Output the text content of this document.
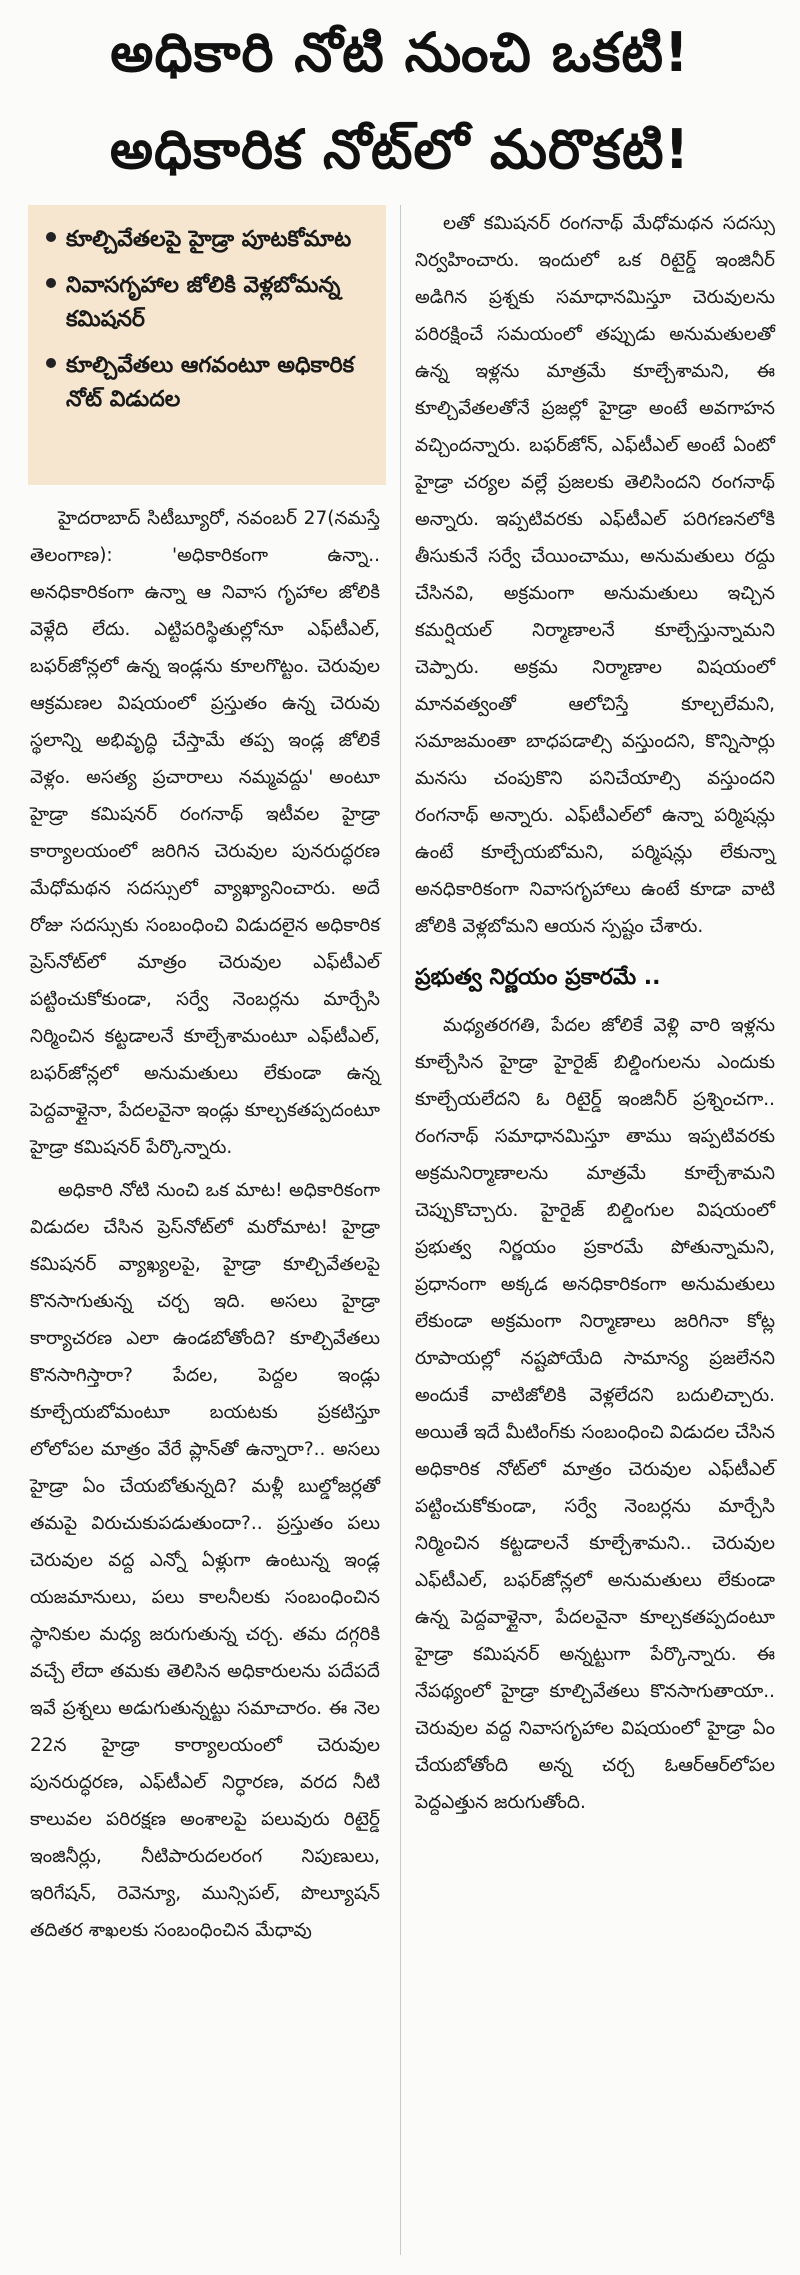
అధికారి నోటి నుంచి ఒకటి!
అధికారిక నోట్‌లో మరొకటి!
కూల్చివేతలపై హైడ్రా పూటకోమాట
నివాసగృహాల జోలికి వెళ్లబోమన్న కమిషనర్
కూల్చివేతలు ఆగవంటూ అధికారిక నోట్ విడుదల

హైదరాబాద్ సిటీబ్యూరో, నవంబర్ 27(నమస్తే తెలంగాణ): 'అధికారికంగా ఉన్నా.. అనధికారికంగా ఉన్నా ఆ నివాస గృహాల జోలికి వెళ్లేది లేదు. ఎట్టిపరిస్థితుల్లోనూ ఎఫ్‌టీఎల్, బఫర్‌జోన్లలో ఉన్న ఇండ్లను కూలగొట్టం. చెరువుల ఆక్రమణల విషయంలో ప్రస్తుతం ఉన్న చెరువు స్థలాన్ని అభివృద్ధి చేస్తామే తప్ప ఇండ్ల జోలికే వెళ్లం. అసత్య ప్రచారాలు నమ్మవద్దు' అంటూ హైడ్రా కమిషనర్ రంగనాథ్ ఇటీవల హైడ్రా కార్యాలయంలో జరిగిన చెరువుల పునరుద్ధరణ మేధోమథన సదస్సులో వ్యాఖ్యానించారు. అదే రోజు సదస్సుకు సంబంధించి విడుదలైన అధికారిక ప్రెస్‌నోట్‌లో మాత్రం చెరువుల ఎఫ్‌టీఎల్ పట్టించుకోకుండా, సర్వే నెంబర్లను మార్చేసి నిర్మించిన కట్టడాలనే కూల్చేశామంటూ ఎఫ్‌టీఎల్, బఫర్‌జోన్లలో అనుమతులు లేకుండా ఉన్న పెద్దవాళ్లైనా, పేదలవైనా ఇండ్లు కూల్చకతప్పదంటూ హైడ్రా కమిషనర్ పేర్కొన్నారు.

అధికారి నోటి నుంచి ఒక మాట! అధికారికంగా విడుదల చేసిన ప్రెస్‌నోట్‌లో మరోమాట! హైడ్రా కమిషనర్ వ్యాఖ్యలపై, హైడ్రా కూల్చివేతలపై కొనసాగుతున్న చర్చ ఇది. అసలు హైడ్రా కార్యాచరణ ఎలా ఉండబోతోంది? కూల్చివేతలు కొనసాగిస్తారా? పేదల, పెద్దల ఇండ్లు కూల్చేయబోమంటూ బయటకు ప్రకటిస్తూ లోలోపల మాత్రం వేరే ప్లాన్‌తో ఉన్నారా?.. అసలు హైడ్రా ఏం చేయబోతున్నది? మళ్లీ బుల్డోజర్లతో తమపై విరుచుకుపడుతుందా?.. ప్రస్తుతం పలు చెరువుల వద్ద ఎన్నో ఏళ్లుగా ఉంటున్న ఇండ్ల యజమానులు, పలు కాలనీలకు సంబంధించిన స్థానికుల మధ్య జరుగుతున్న చర్చ. తమ దగ్గరికి వచ్చే లేదా తమకు తెలిసిన అధికారులను పదేపదే ఇవే ప్రశ్నలు అడుగుతున్నట్టు సమాచారం. ఈ నెల 22న హైడ్రా కార్యాలయంలో చెరువుల పునరుద్ధరణ, ఎఫ్‌టీఎల్ నిర్ధారణ, వరద నీటి కాలువల పరిరక్షణ అంశాలపై పలువురు రిటైర్డ్ ఇంజినీర్లు, నీటిపారుదలరంగ నిపుణులు, ఇరిగేషన్, రెవెన్యూ, మున్సిపల్, పొల్యూషన్ తదితర శాఖలకు సంబంధించిన మేధావు

లతో కమిషనర్ రంగనాథ్ మేధోమథన సదస్సు నిర్వహించారు. ఇందులో ఒక రిటైర్డ్ ఇంజినీర్ అడిగిన ప్రశ్నకు సమాధానమిస్తూ చెరువులను పరిరక్షించే సమయంలో తప్పుడు అనుమతులతో ఉన్న ఇళ్లను మాత్రమే కూల్చేశామని, ఈ కూల్చివేతలతోనే ప్రజల్లో హైడ్రా అంటే అవగాహన వచ్చిందన్నారు. బఫర్‌జోన్, ఎఫ్‌టీఎల్ అంటే ఏంటో హైడ్రా చర్యల వల్లే ప్రజలకు తెలిసిందని రంగనాథ్ అన్నారు. ఇప్పటివరకు ఎఫ్‌టీఎల్ పరిగణనలోకి తీసుకునే సర్వే చేయించాము, అనుమతులు రద్దు చేసినవి, అక్రమంగా అనుమతులు ఇచ్చిన కమర్షియల్ నిర్మాణాలనే కూల్చేస్తున్నామని చెప్పారు. అక్రమ నిర్మాణాల విషయంలో మానవత్వంతో ఆలోచిస్తే కూల్చలేమని, సమాజమంతా బాధపడాల్సి వస్తుందని, కొన్నిసార్లు మనసు చంపుకొని పనిచేయాల్సి వస్తుందని రంగనాథ్ అన్నారు. ఎఫ్‌టీఎల్‌లో ఉన్నా పర్మిషన్లు ఉంటే కూల్చేయబోమని, పర్మిషన్లు లేకున్నా అనధికారికంగా నివాసగృహాలు ఉంటే కూడా వాటి జోలికి వెళ్లబోమని ఆయన స్పష్టం చేశారు.

ప్రభుత్వ నిర్ణయం ప్రకారమే ..

మధ్యతరగతి, పేదల జోలికే వెళ్లి వారి ఇళ్లను కూల్చేసిన హైడ్రా హైరైజ్ బిల్డింగులను ఎందుకు కూల్చేయలేదని ఓ రిటైర్డ్ ఇంజినీర్ ప్రశ్నించగా.. రంగనాథ్ సమాధానమిస్తూ తాము ఇప్పటివరకు అక్రమనిర్మాణాలను మాత్రమే కూల్చేశామని చెప్పుకొచ్చారు. హైరైజ్ బిల్డింగుల విషయంలో ప్రభుత్వ నిర్ణయం ప్రకారమే పోతున్నామని, ప్రధానంగా అక్కడ అనధికారికంగా అనుమతులు లేకుండా అక్రమంగా నిర్మాణాలు జరిగినా కోట్ల రూపాయల్లో నష్టపోయేది సామాన్య ప్రజలేనని అందుకే వాటిజోలికి వెళ్లలేదని బదులిచ్చారు. అయితే ఇదే మీటింగ్‌కు సంబంధించి విడుదల చేసిన అధికారిక నోట్‌లో మాత్రం చెరువుల ఎఫ్‌టీఎల్ పట్టించుకోకుండా, సర్వే నెంబర్లను మార్చేసి నిర్మించిన కట్టడాలనే కూల్చేశామని.. చెరువుల ఎఫ్‌టీఎల్, బఫర్‌జోన్లలో అనుమతులు లేకుండా ఉన్న పెద్దవాళ్లైనా, పేదలవైనా కూల్చకతప్పదంటూ హైడ్రా కమిషనర్ అన్నట్టుగా పేర్కొన్నారు. ఈ నేపథ్యంలో హైడ్రా కూల్చివేతలు కొనసాగుతాయా.. చెరువుల వద్ద నివాసగృహాల విషయంలో హైడ్రా ఏం చేయబోతోంది అన్న చర్చ ఓఆర్ఆర్‌లోపల పెద్దఎత్తున జరుగుతోంది.
